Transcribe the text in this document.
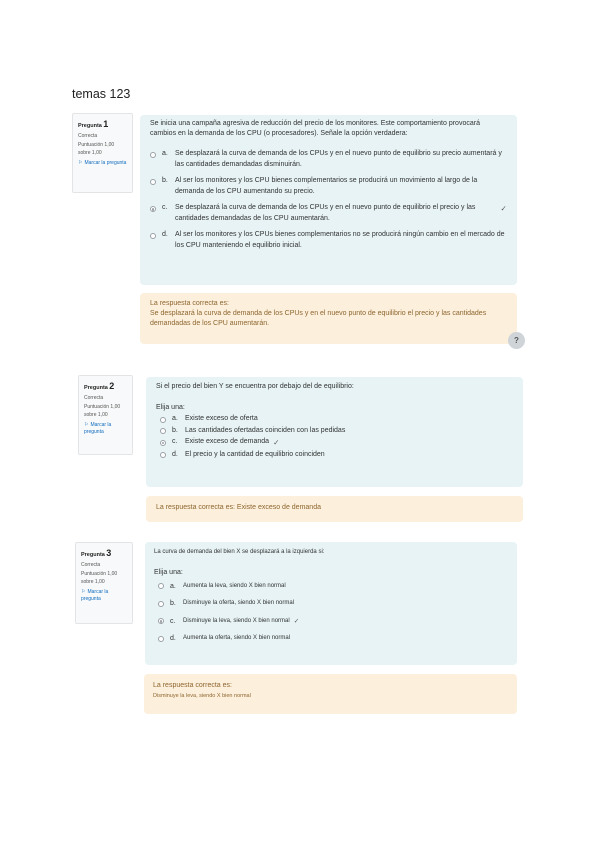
temas 123
Pregunta 1
Correcta
Puntuación 1,00 sobre 1,00
⚐ Marcar la pregunta
Se inicia una campaña agresiva de reducción del precio de los monitores. Este comportamiento provocará cambios en la demanda de los CPU (o procesadores). Señale la opción verdadera:
a.	Se desplazará la curva de demanda de los CPUs y en el nuevo punto de equilibrio su precio aumentará y las cantidades demandadas disminuirán.
b.	Al ser los monitores y los CPU bienes complementarios se producirá un movimiento al largo de la demanda de los CPU aumentando su precio.
c.	Se desplazará la curva de demanda de los CPUs y en el nuevo punto de equilibrio el precio y las cantidades demandadas de los CPU aumentarán.
✓
d.	Al ser los monitores y los CPUs bienes complementarios no se producirá ningún cambio en el mercado de los CPU manteniendo el equilibrio inicial.
La respuesta correcta es:
Se desplazará la curva de demanda de los CPUs y en el nuevo punto de equilibrio el precio y las cantidades demandadas de los CPU aumentarán.
?
Pregunta 2
Correcta
Puntuación 1,00 sobre 1,00
⚐ Marcar la pregunta
Si el precio del bien Y se encuentra por debajo del de equilibrio:
Elija una:
a.	Existe exceso de oferta
b.	Las cantidades ofertadas coinciden con las pedidas
c.	Existe exceso de demanda ✓
d.	El precio y la cantidad de equilibrio coinciden
La respuesta correcta es: Existe exceso de demanda
Pregunta 3
Correcta
Puntuación 1,00 sobre 1,00
⚐ Marcar la pregunta
La curva de demanda del bien X se desplazará a la izquierda si:
Elija una:
a.	Aumenta la leva, siendo X bien normal
b.	Disminuye la oferta, siendo X bien normal
c.	Disminuye la leva, siendo X bien normal ✓
d.	Aumenta la oferta, siendo X bien normal
La respuesta correcta es:
Disminuye la leva, siendo X bien normal
